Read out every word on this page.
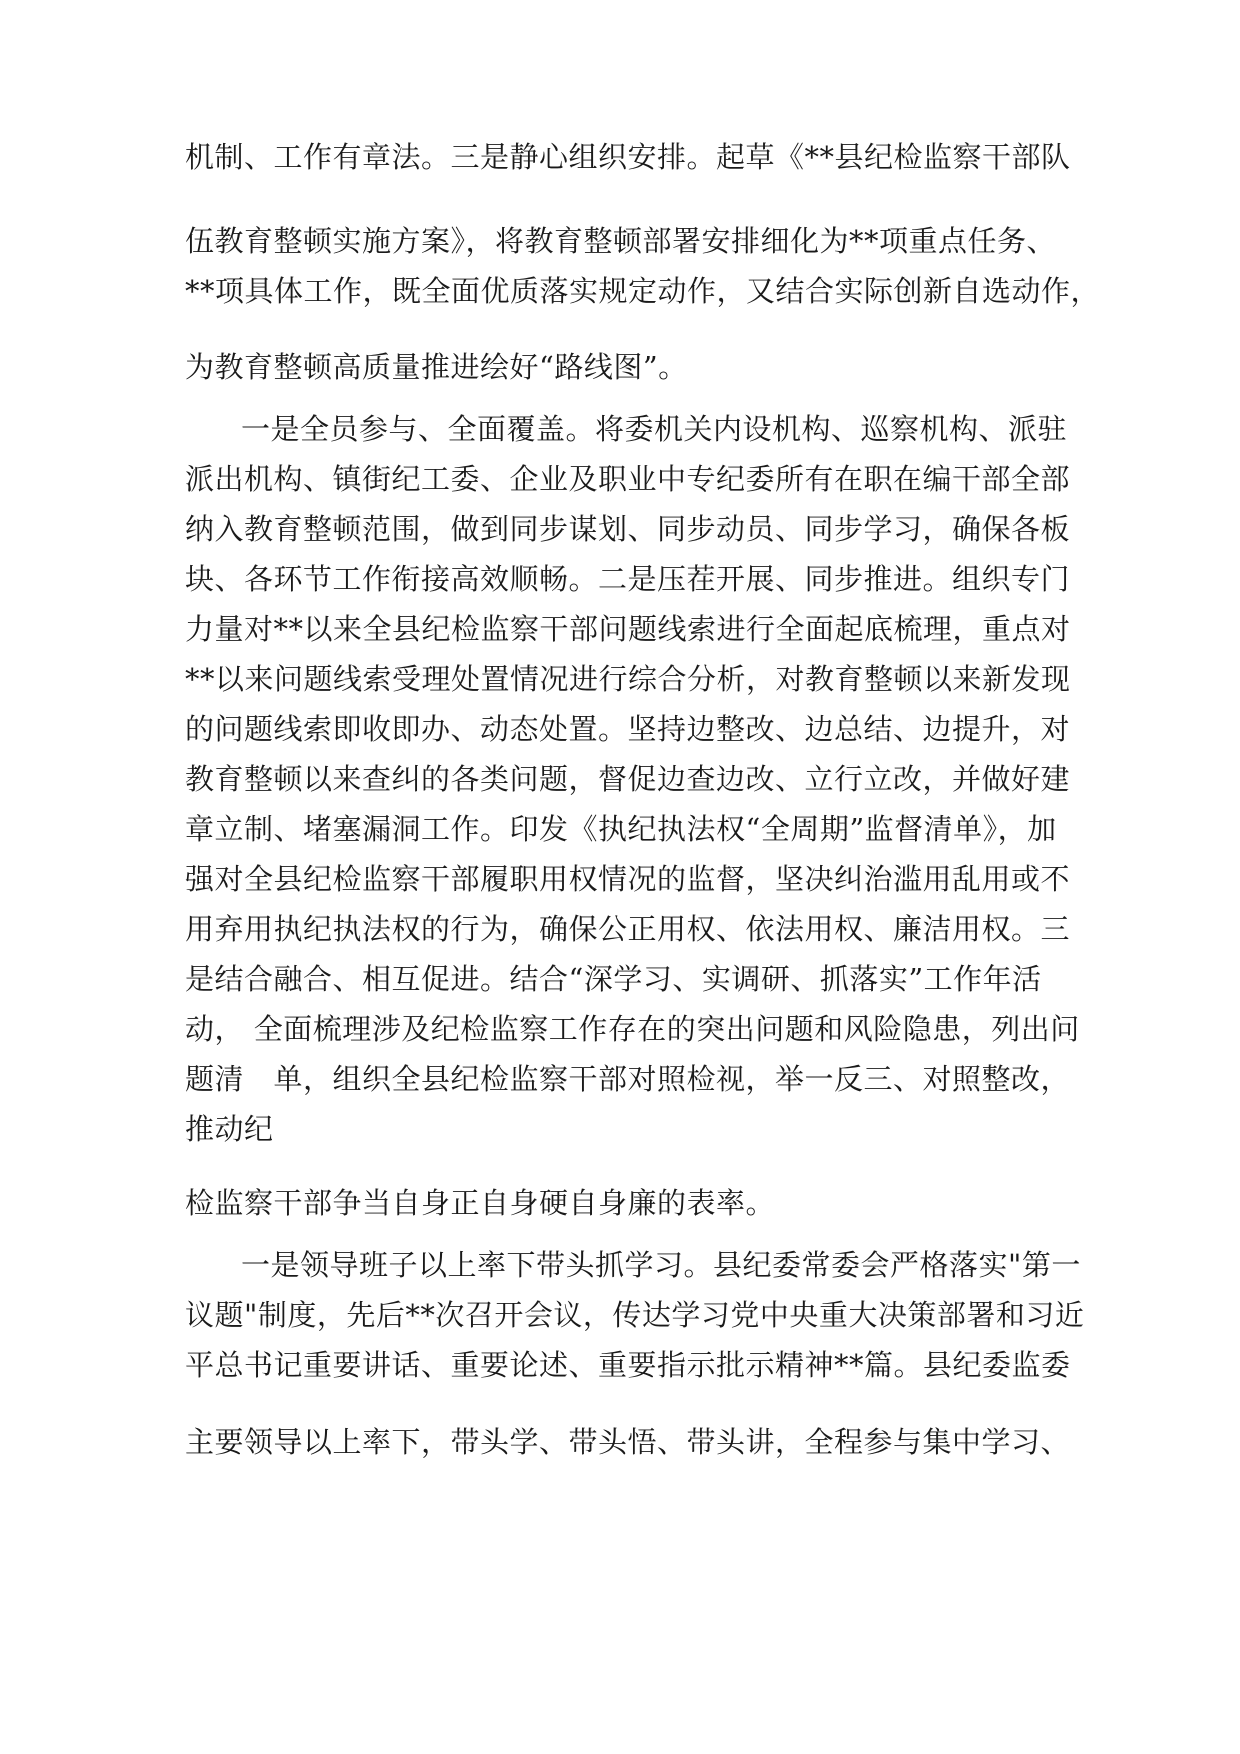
机制、工作有章法。三是静心组织安排。起草《**县纪检监察干部队
伍教育整顿实施方案》，将教育整顿部署安排细化为**项重点任务、
**项具体工作，既全面优质落实规定动作，又结合实际创新自选动作，
为教育整顿高质量推进绘好“路线图”。
一是全员参与、全面覆盖。将委机关内设机构、巡察机构、派驻
派出机构、镇街纪工委、企业及职业中专纪委所有在职在编干部全部
纳入教育整顿范围，做到同步谋划、同步动员、同步学习，确保各板
块、各环节工作衔接高效顺畅。二是压茬开展、同步推进。组织专门
力量对**以来全县纪检监察干部问题线索进行全面起底梳理，重点对
**以来问题线索受理处置情况进行综合分析，对教育整顿以来新发现
的问题线索即收即办、动态处置。坚持边整改、边总结、边提升，对
教育整顿以来查纠的各类问题，督促边查边改、立行立改，并做好建
章立制、堵塞漏洞工作。印发《执纪执法权“全周期”监督清单》，加
强对全县纪检监察干部履职用权情况的监督，坚决纠治滥用乱用或不
用弃用执纪执法权的行为，确保公正用权、依法用权、廉洁用权。三
是结合融合、相互促进。结合“深学习、实调研、抓落实”工作年活
动， 全面梳理涉及纪检监察工作存在的突出问题和风险隐患，列出问
题清　单，组织全县纪检监察干部对照检视，举一反三、对照整改，
推动纪
检监察干部争当自身正自身硬自身廉的表率。
一是领导班子以上率下带头抓学习。县纪委常委会严格落实"第一
议题"制度，先后**次召开会议，传达学习党中央重大决策部署和习近
平总书记重要讲话、重要论述、重要指示批示精神**篇。县纪委监委
主要领导以上率下，带头学、带头悟、带头讲，全程参与集中学习、
